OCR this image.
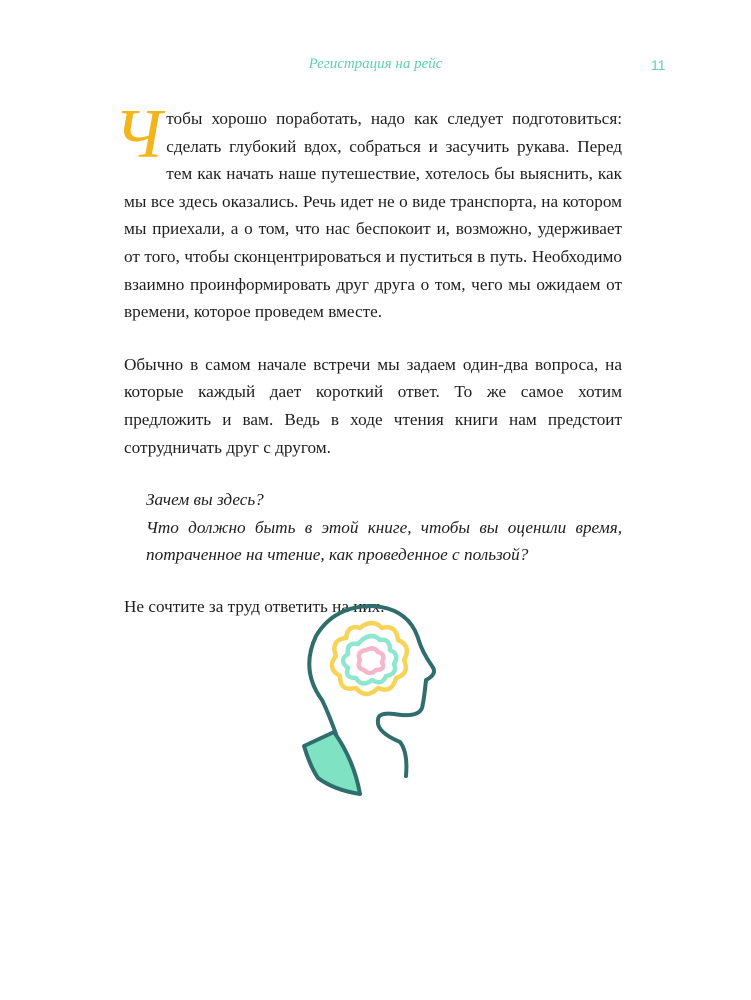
Регистрация на рейс	11

Ч тобы хорошо поработать, надо как следует подготовиться: сделать глубокий вдох, собраться и засучить рукава. Перед тем как начать наше путешествие, хотелось бы выяснить, как мы все здесь оказались. Речь идет не о виде транспорта, на котором мы приехали, а о том, что нас беспокоит и, возможно, удерживает от того, чтобы сконцентрироваться и пуститься в путь. Необходимо взаимно проинформировать друг друга о том, чего мы ожидаем от времени, которое проведем вместе.

Обычно в самом начале встречи мы задаем один-два вопроса, на которые каждый дает короткий ответ. То же самое хотим предложить и вам. Ведь в ходе чтения книги нам предстоит сотрудничать друг с другом.

Зачем вы здесь?

Что должно быть в этой книге, чтобы вы оценили время, потраченное на чтение, как проведенное с пользой?

Не сочтите за труд ответить на них.
